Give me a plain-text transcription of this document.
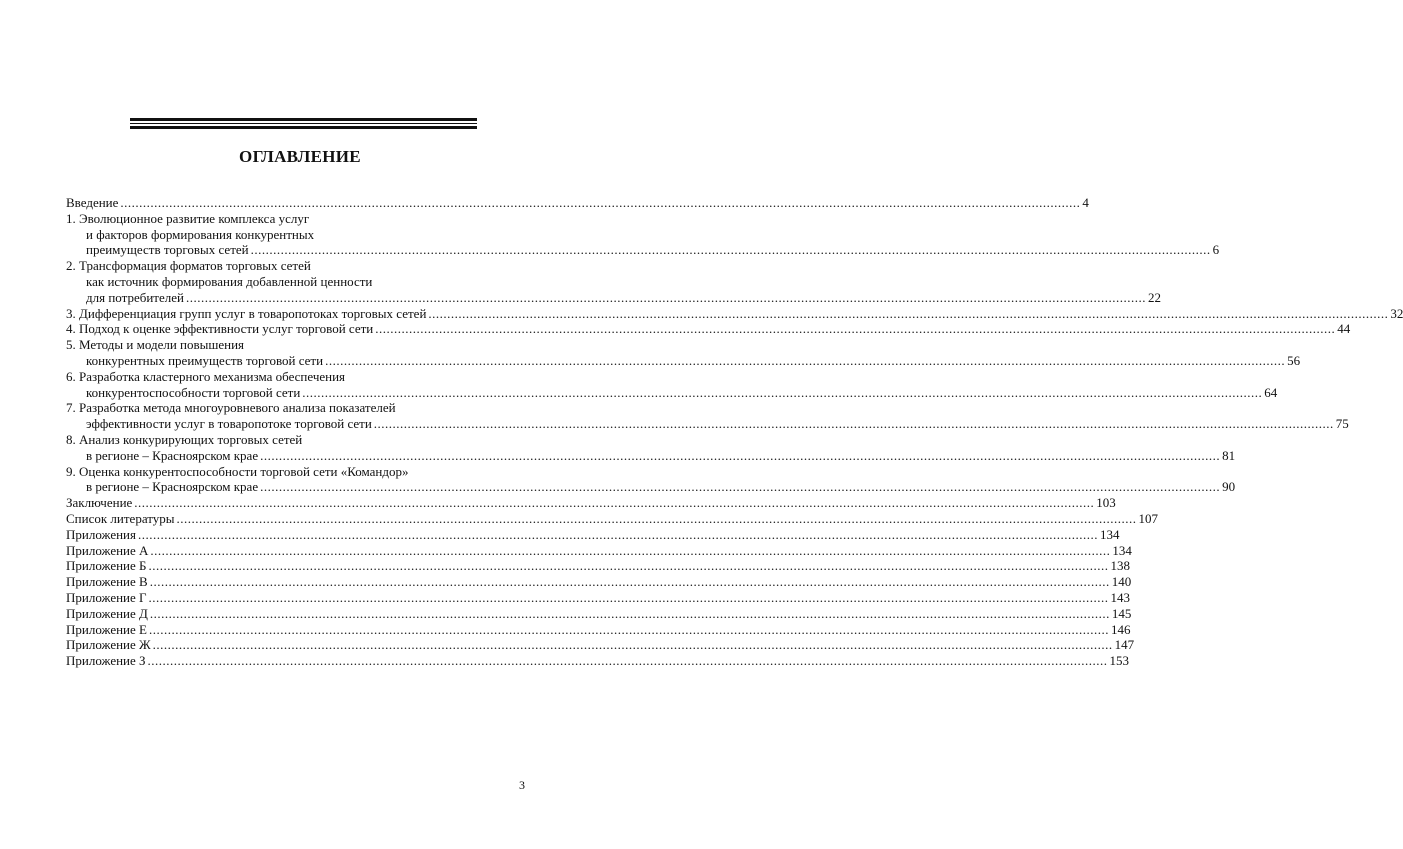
ОГЛАВЛЕНИЕ
Введение ................................................................................................................................................................................................................................................................ 4
1. Эволюционное развитие комплекса услуг
и факторов формирования конкурентных
преимуществ торговых сетей ................................................................................................................................................................................................................................................................ 6
2. Трансформация форматов торговых сетей
как источник формирования добавленной ценности
для потребителей ................................................................................................................................................................................................................................................................ 22
3. Дифференциация групп услуг в товаропотоках торговых сетей ................................................................................................................................................................................................................................................................ 32
4. Подход к оценке эффективности услуг торговой сети ................................................................................................................................................................................................................................................................ 44
5. Методы и модели повышения
конкурентных преимуществ торговой сети ................................................................................................................................................................................................................................................................ 56
6. Разработка кластерного механизма обеспечения
конкурентоспособности торговой сети ................................................................................................................................................................................................................................................................ 64
7. Разработка метода многоуровневого анализа показателей
эффективности услуг в товаропотоке торговой сети ................................................................................................................................................................................................................................................................ 75
8. Анализ конкурирующих торговых сетей
в регионе – Красноярском крае ................................................................................................................................................................................................................................................................ 81
9. Оценка конкурентоспособности торговой сети «Командор»
в регионе – Красноярском крае ................................................................................................................................................................................................................................................................ 90
Заключение ................................................................................................................................................................................................................................................................ 103
Список литературы ................................................................................................................................................................................................................................................................ 107
Приложения ................................................................................................................................................................................................................................................................ 134
Приложение А ................................................................................................................................................................................................................................................................ 134
Приложение Б ................................................................................................................................................................................................................................................................ 138
Приложение В ................................................................................................................................................................................................................................................................ 140
Приложение Г ................................................................................................................................................................................................................................................................ 143
Приложение Д ................................................................................................................................................................................................................................................................ 145
Приложение Е ................................................................................................................................................................................................................................................................ 146
Приложение Ж ................................................................................................................................................................................................................................................................ 147
Приложение З ................................................................................................................................................................................................................................................................ 153
3
